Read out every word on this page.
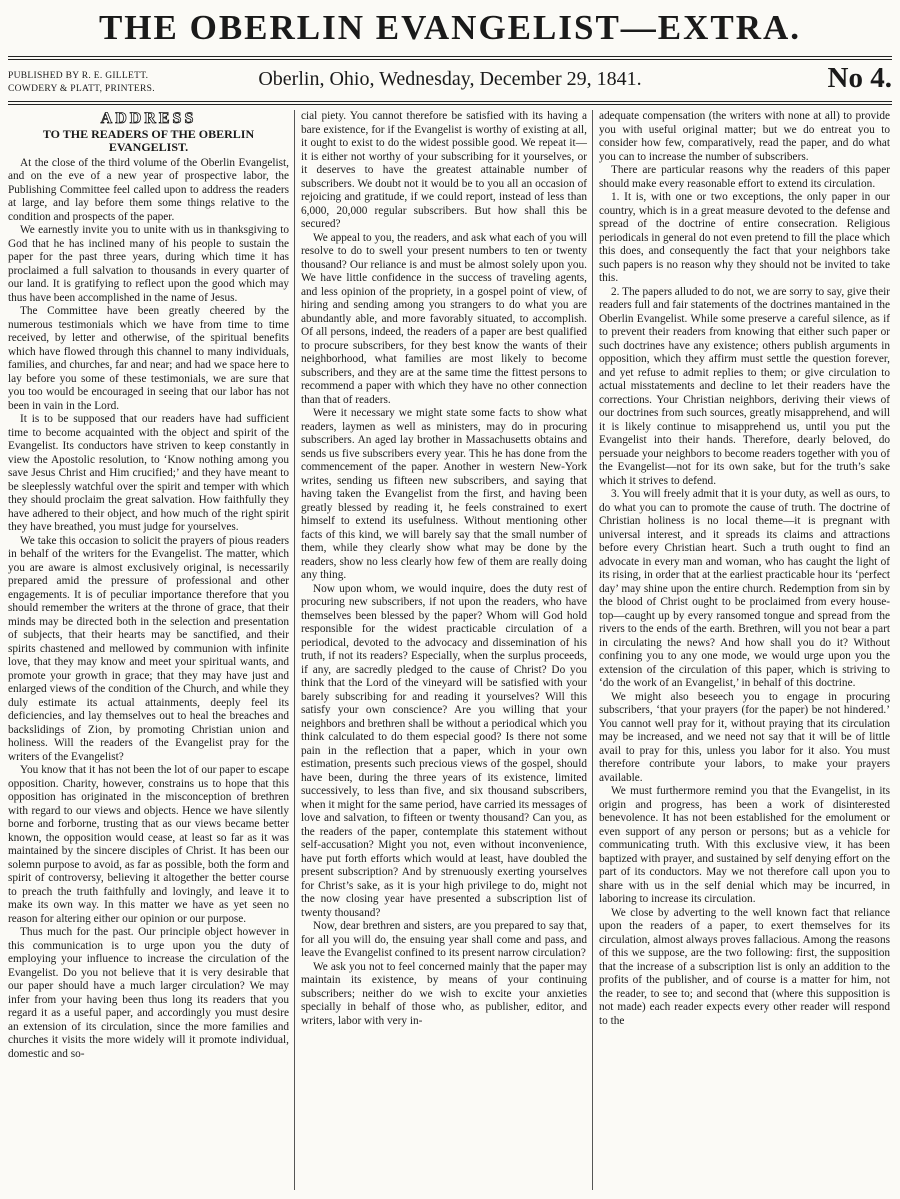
THE OBERLIN EVANGELIST—EXTRA.
PUBLISHED BY R. E. GILLETT.
COWDERY & PLATT, PRINTERS.	Oberlin, Ohio, Wednesday, December 29, 1841.	No 4.
ADDRESS
TO THE READERS OF THE OBERLIN EVANGELIST.

At the close of the third volume of the Oberlin Evangelist, and on the eve of a new year of prospective labor, the Publishing Committee feel called upon to address the readers at large, and lay before them some things relative to the condition and prospects of the paper.

We earnestly invite you to unite with us in thanksgiving to God that he has inclined many of his people to sustain the paper for the past three years, during which time it has proclaimed a full salvation to thousands in every quarter of our land. It is gratifying to reflect upon the good which may thus have been accomplished in the name of Jesus.

The Committee have been greatly cheered by the numerous testimonials which we have from time to time received, by letter and otherwise, of the spiritual benefits which have flowed through this channel to many individuals, families, and churches, far and near; and had we space here to lay before you some of these testimonials, we are sure that you too would be encouraged in seeing that our labor has not been in vain in the Lord.

It is to be supposed that our readers have had sufficient time to become acquainted with the object and spirit of the Evangelist. Its conductors have striven to keep constantly in view the Apostolic resolution, to ‘Know nothing among you save Jesus Christ and Him crucified;’ and they have meant to be sleeplessly watchful over the spirit and temper with which they should proclaim the great salvation. How faithfully they have adhered to their object, and how much of the right spirit they have breathed, you must judge for yourselves.

We take this occasion to solicit the prayers of pious readers in behalf of the writers for the Evangelist. The matter, which you are aware is almost exclusively original, is necessarily prepared amid the pressure of professional and other engagements. It is of peculiar importance therefore that you should remember the writers at the throne of grace, that their minds may be directed both in the selection and presentation of subjects, that their hearts may be sanctified, and their spirits chastened and mellowed by communion with infinite love, that they may know and meet your spiritual wants, and promote your growth in grace; that they may have just and enlarged views of the condition of the Church, and while they duly estimate its actual attainments, deeply feel its deficiencies, and lay themselves out to heal the breaches and backslidings of Zion, by promoting Christian union and holiness. Will the readers of the Evangelist pray for the writers of the Evangelist?

You know that it has not been the lot of our paper to escape opposition. Charity, however, constrains us to hope that this opposition has originated in the misconception of brethren with regard to our views and objects. Hence we have silently borne and forborne, trusting that as our views became better known, the opposition would cease, at least so far as it was maintained by the sincere disciples of Christ. It has been our solemn purpose to avoid, as far as possible, both the form and spirit of controversy, believing it altogether the better course to preach the truth faithfully and lovingly, and leave it to make its own way. In this matter we have as yet seen no reason for altering either our opinion or our purpose.

Thus much for the past. Our principle object however in this communication is to urge upon you the duty of employing your influence to increase the circulation of the Evangelist. Do you not believe that it is very desirable that our paper should have a much larger circulation? We may infer from your having been thus long its readers that you regard it as a useful paper, and accordingly you must desire an extension of its circulation, since the more families and churches it visits the more widely will it promote individual, domestic and so-

cial piety. You cannot therefore be satisfied with its having a bare existence, for if the Evangelist is worthy of existing at all, it ought to exist to do the widest possible good. We repeat it—it is either not worthy of your subscribing for it yourselves, or it deserves to have the greatest attainable number of subscribers. We doubt not it would be to you all an occasion of rejoicing and gratitude, if we could report, instead of less than 6,000, 20,000 regular subscribers. But how shall this be secured?

We appeal to you, the readers, and ask what each of you will resolve to do to swell your present numbers to ten or twenty thousand? Our reliance is and must be almost solely upon you. We have little confidence in the success of traveling agents, and less opinion of the propriety, in a gospel point of view, of hiring and sending among you strangers to do what you are abundantly able, and more favorably situated, to accomplish. Of all persons, indeed, the readers of a paper are best qualified to procure subscribers, for they best know the wants of their neighborhood, what families are most likely to become subscribers, and they are at the same time the fittest persons to recommend a paper with which they have no other connection than that of readers.

Were it necessary we might state some facts to show what readers, laymen as well as ministers, may do in procuring subscribers. An aged lay brother in Massachusetts obtains and sends us five subscribers every year. This he has done from the commencement of the paper. Another in western New-York writes, sending us fifteen new subscribers, and saying that having taken the Evangelist from the first, and having been greatly blessed by reading it, he feels constrained to exert himself to extend its usefulness. Without mentioning other facts of this kind, we will barely say that the small number of them, while they clearly show what may be done by the readers, show no less clearly how few of them are really doing any thing.

Now upon whom, we would inquire, does the duty rest of procuring new subscribers, if not upon the readers, who have themselves been blessed by the paper? Whom will God hold responsible for the widest practicable circulation of a periodical, devoted to the advocacy and dissemination of his truth, if not its readers? Especially, when the surplus proceeds, if any, are sacredly pledged to the cause of Christ? Do you think that the Lord of the vineyard will be satisfied with your barely subscribing for and reading it yourselves? Will this satisfy your own conscience? Are you willing that your neighbors and brethren shall be without a periodical which you think calculated to do them especial good? Is there not some pain in the reflection that a paper, which in your own estimation, presents such precious views of the gospel, should have been, during the three years of its existence, limited successively, to less than five, and six thousand subscribers, when it might for the same period, have carried its messages of love and salvation, to fifteen or twenty thousand? Can you, as the readers of the paper, contemplate this statement without self-accusation? Might you not, even without inconvenience, have put forth efforts which would at least, have doubled the present subscription? And by strenuously exerting yourselves for Christ’s sake, as it is your high privilege to do, might not the now closing year have presented a subscription list of twenty thousand?

Now, dear brethren and sisters, are you prepared to say that, for all you will do, the ensuing year shall come and pass, and leave the Evangelist confined to its present narrow circulation?

We ask you not to feel concerned mainly that the paper may maintain its existence, by means of your continuing subscribers; neither do we wish to excite your anxieties specially in behalf of those who, as publisher, editor, and writers, labor with very in-

adequate compensation (the writers with none at all) to provide you with useful original matter; but we do entreat you to consider how few, comparatively, read the paper, and do what you can to increase the number of subscribers.

There are particular reasons why the readers of this paper should make every reasonable effort to extend its circulation.

1. It is, with one or two exceptions, the only paper in our country, which is in a great measure devoted to the defense and spread of the doctrine of entire consecration. Religious periodicals in general do not even pretend to fill the place which this does, and consequently the fact that your neighbors take such papers is no reason why they should not be invited to take this.

2. The papers alluded to do not, we are sorry to say, give their readers full and fair statements of the doctrines mantained in the Oberlin Evangelist. While some preserve a careful silence, as if to prevent their readers from knowing that either such paper or such doctrines have any existence; others publish arguments in opposition, which they affirm must settle the question forever, and yet refuse to admit replies to them; or give circulation to actual misstatements and decline to let their readers have the corrections. Your Christian neighbors, deriving their views of our doctrines from such sources, greatly misapprehend, and will it is likely continue to misapprehend us, until you put the Evangelist into their hands. Therefore, dearly beloved, do persuade your neighbors to become readers together with you of the Evangelist—not for its own sake, but for the truth’s sake which it strives to defend.

3. You will freely admit that it is your duty, as well as ours, to do what you can to promote the cause of truth. The doctrine of Christian holiness is no local theme—it is pregnant with universal interest, and it spreads its claims and attractions before every Christian heart. Such a truth ought to find an advocate in every man and woman, who has caught the light of its rising, in order that at the earliest practicable hour its ‘perfect day’ may shine upon the entire church. Redemption from sin by the blood of Christ ought to be proclaimed from every house-top—caught up by every ransomed tongue and spread from the rivers to the ends of the earth. Brethren, will you not bear a part in circulating the news? And how shall you do it? Without confining you to any one mode, we would urge upon you the extension of the circulation of this paper, which is striving to ‘do the work of an Evangelist,’ in behalf of this doctrine.

We might also beseech you to engage in procuring subscribers, ‘that your prayers (for the paper) be not hindered.’ You cannot well pray for it, without praying that its circulation may be increased, and we need not say that it will be of little avail to pray for this, unless you labor for it also. You must therefore contribute your labors, to make your prayers available.

We must furthermore remind you that the Evangelist, in its origin and progress, has been a work of disinterested benevolence. It has not been established for the emolument or even support of any person or persons; but as a vehicle for communicating truth. With this exclusive view, it has been baptized with prayer, and sustained by self denying effort on the part of its conductors. May we not therefore call upon you to share with us in the self denial which may be incurred, in laboring to increase its circulation.

We close by adverting to the well known fact that reliance upon the readers of a paper, to exert themselves for its circulation, almost always proves fallacious. Among the reasons of this we suppose, are the two following: first, the supposition that the increase of a subscription list is only an addition to the profits of the publisher, and of course is a matter for him, not the reader, to see to; and second that (where this supposition is not made) each reader expects every other reader will respond to the
